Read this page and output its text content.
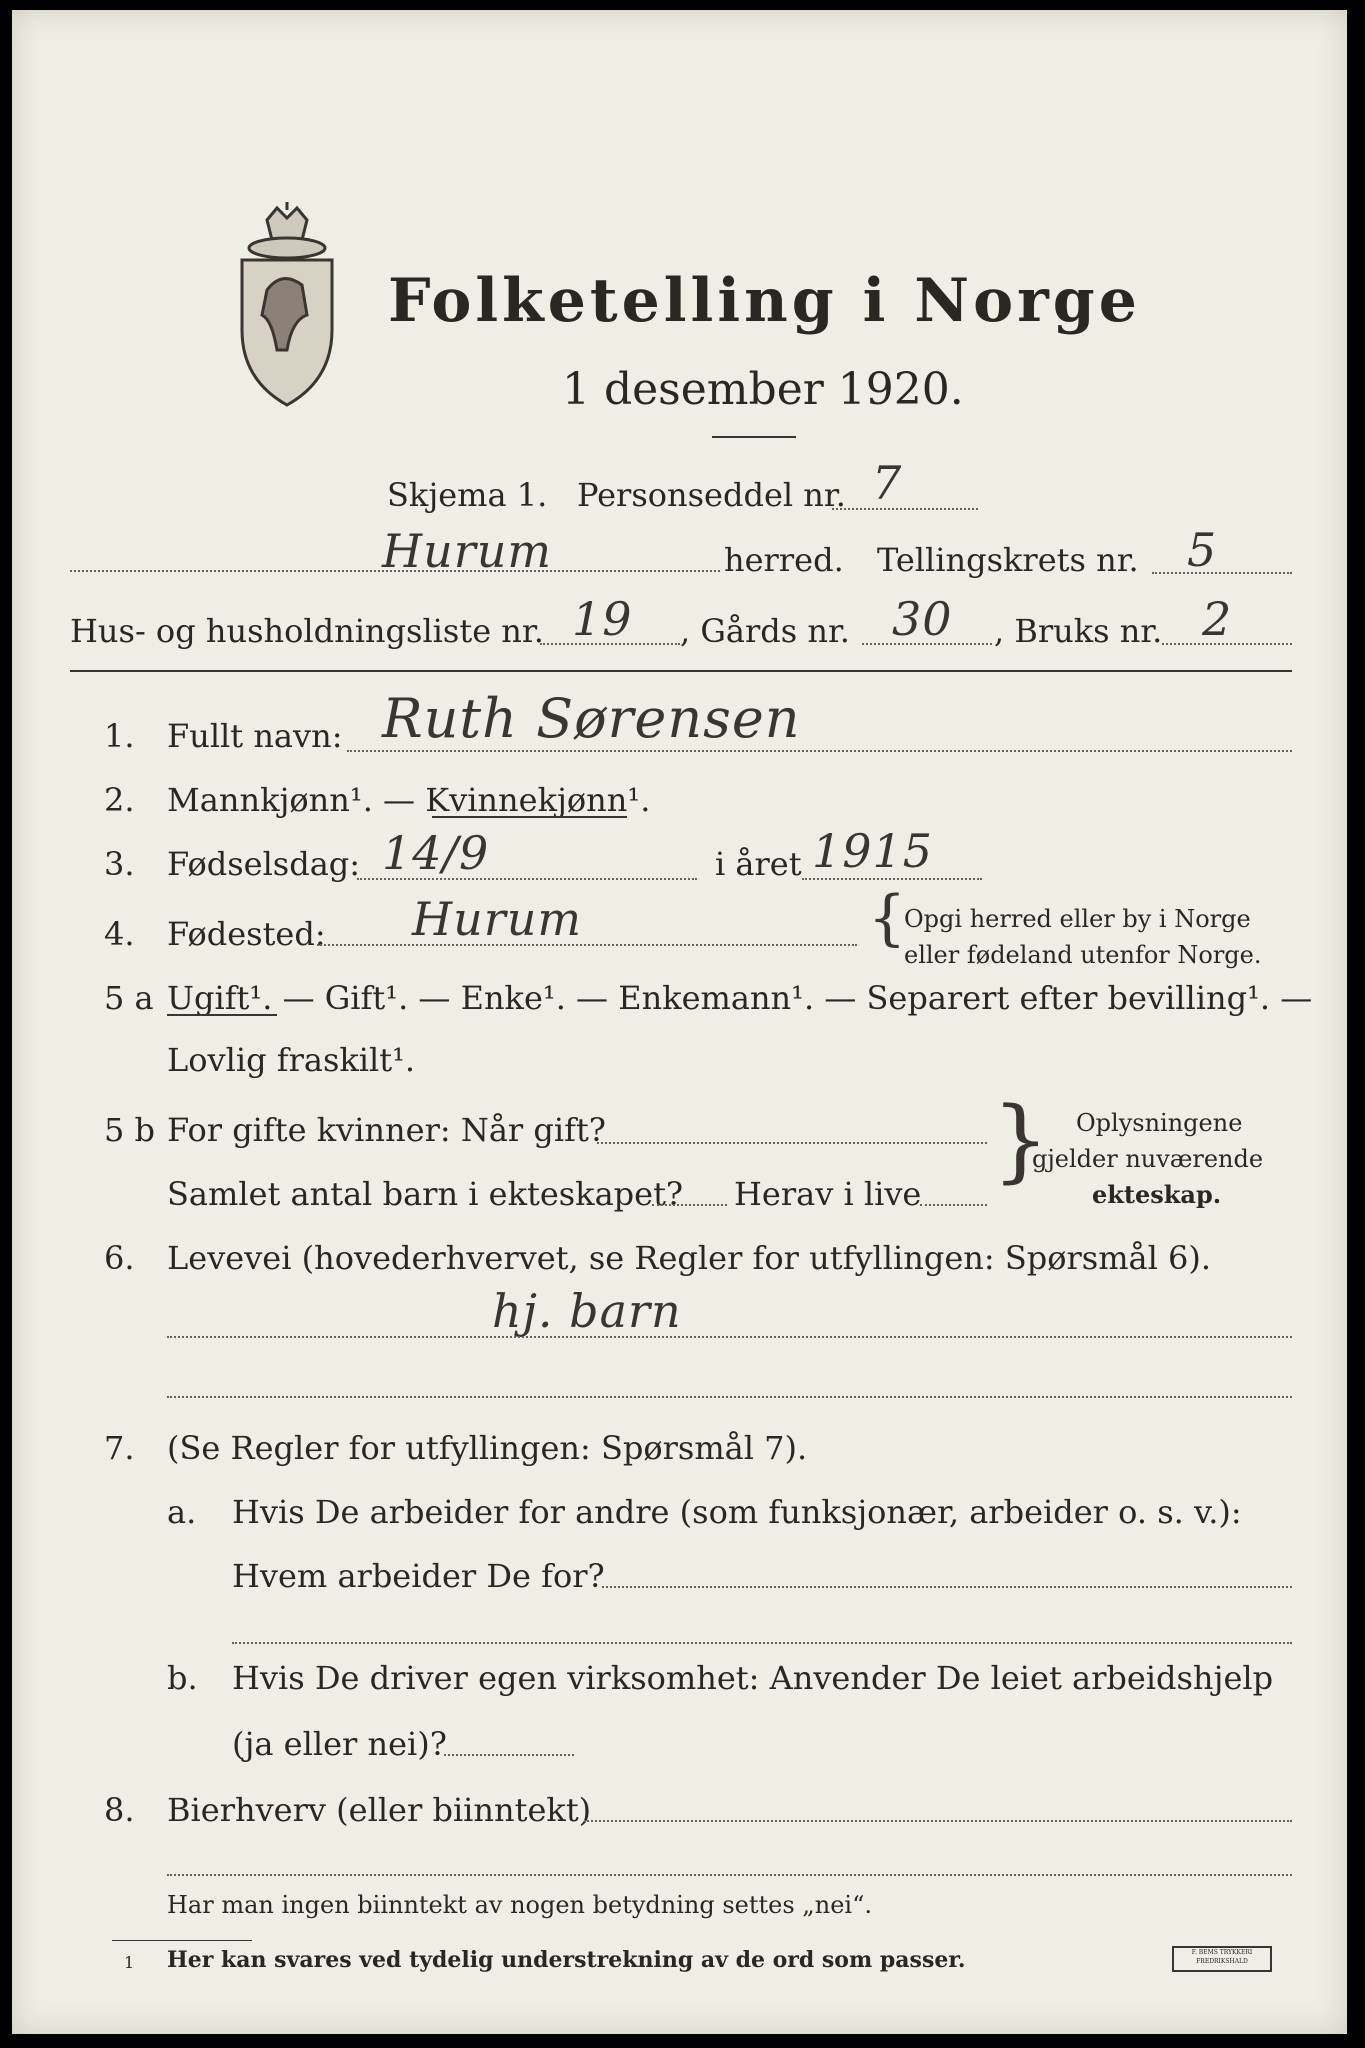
Folketelling i Norge
1 desember 1920.
Skjema 1. Personseddel nr. 7
Hurum	herred. Tellingskrets nr. 5
Hus- og husholdningsliste nr. 19 , Gårds nr. 30 , Bruks nr. 2
1. Fullt navn: Ruth Sørensen
2. Mannkjønn¹. — Kvinnekjønn¹.
3. Fødselsdag: 14/9	i året 1915
4. Fødested: Hurum	{
Opgi herred eller by i Norge
eller fødeland utenfor Norge.
5 a Ugift¹. — Gift¹. — Enke¹. — Enkemann¹. — Separert efter bevilling¹. —
Lovlig fraskilt¹.
5 b For gifte kvinner: Når gift?
Samlet antal barn i ekteskapet? Herav i live
} Oplysningene
gjelder nuværende
ekteskap.
6. Levevei (hovederhvervet, se Regler for utfyllingen: Spørsmål 6).
hj. barn
7. (Se Regler for utfyllingen: Spørsmål 7).
a. Hvis De arbeider for andre (som funksjonær, arbeider o. s. v.):
Hvem arbeider De for?
b. Hvis De driver egen virksomhet: Anvender De leiet arbeidshjelp
(ja eller nei)?
8. Bierhverv (eller biinntekt)
Har man ingen biinntekt av nogen betydning settes „nei“.
1 Her kan svares ved tydelig understrekning av de ord som passer.	F. BEMS TRYKKERI FREDRIKSHALD
